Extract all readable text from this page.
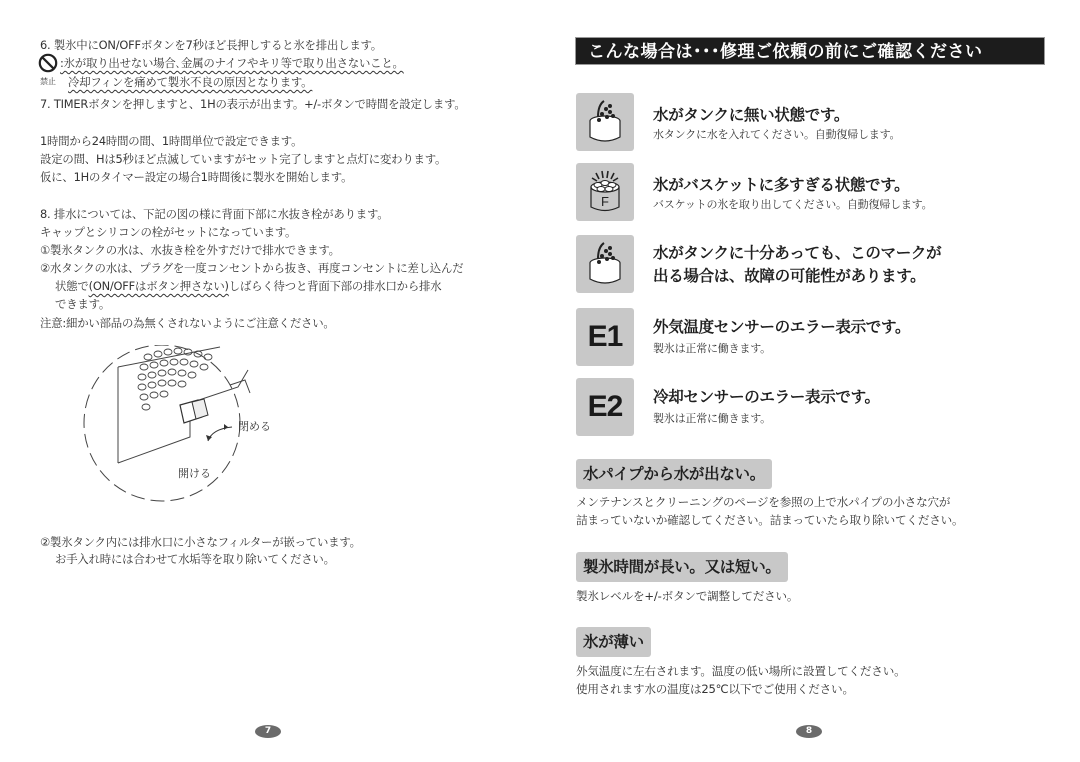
6. 製氷中にON/OFFボタンを7秒ほど長押しすると氷を排出します。
禁止
:氷が取り出せない場合､金属のナイフやキリ等で取り出さないこと。
冷却フィンを痛めて製氷不良の原因となります。
7. TIMERボタンを押しますと、1Hの表示が出ます。+/-ボタンで時間を設定します。
1時間から24時間の間、1時間単位で設定できます。
設定の間、Hは5秒ほど点滅していますがセット完了しますと点灯に変わります。
仮に、1Hのタイマー設定の場合1時間後に製氷を開始します。
8. 排水については、下記の図の様に背面下部に水抜き栓があります。
キャップとシリコンの栓がセットになっています。
①製氷タンクの水は、水抜き栓を外すだけで排水できます。
②水タンクの水は、プラグを一度コンセントから抜き、再度コンセントに差し込んだ
状態で(ON/OFFはボタン押さない)しばらく待つと背面下部の排水口から排水
できます。
注意:細かい部品の為無くされないようにご注意ください。
閉める
開ける
②製氷タンク内には排水口に小さなフィルターが嵌っています。
お手入れ時には合わせて水垢等を取り除いてください。
7
こんな場合は･･･修理ご依頼の前にご確認ください
水がタンクに無い状態です。
水タンクに水を入れてください。自動復帰します。
F
氷がバスケットに多すぎる状態です。
バスケットの氷を取り出してください。自動復帰します。
水がタンクに十分あっても、このマークが
出る場合は、故障の可能性があります。
E1 外気温度センサーのエラー表示です。
製氷は正常に働きます。
E2 冷却センサーのエラー表示です。
製氷は正常に働きます。
水パイプから水が出ない。
メンテナンスとクリーニングのページを参照の上で水パイプの小さな穴が
詰まっていないか確認してください。詰まっていたら取り除いてください。
製氷時間が長い。又は短い。
製氷レベルを+/-ボタンで調整してださい。
氷が薄い
外気温度に左右されます。温度の低い場所に設置してください。
使用されます水の温度は25℃以下でご使用ください。
8
